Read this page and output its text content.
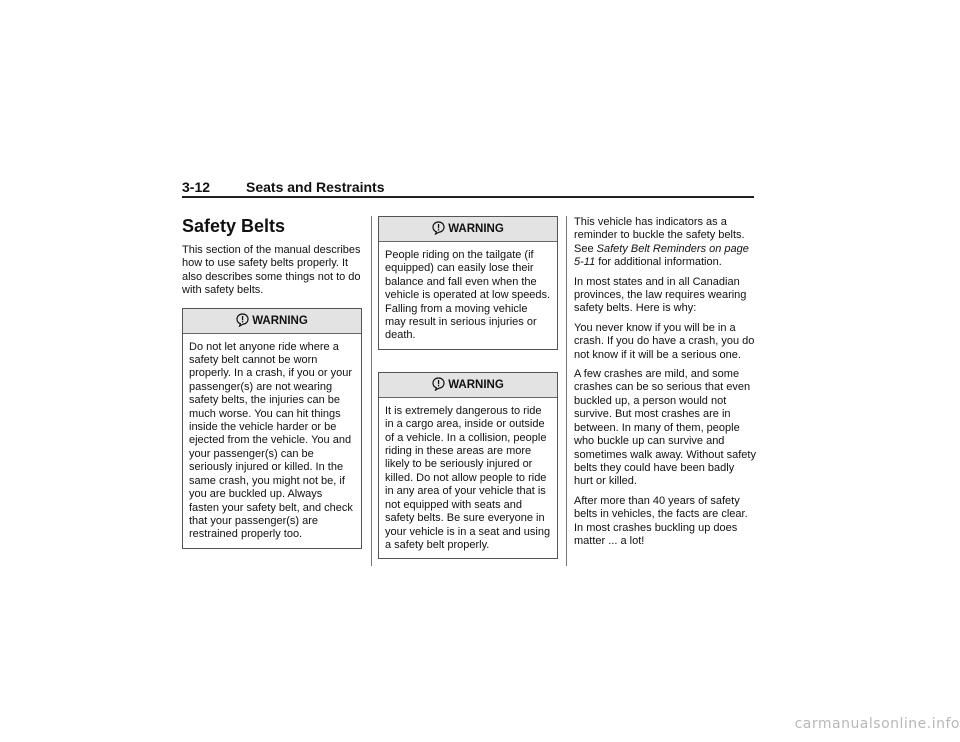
3-12	Seats and Restraints
Safety Belts

This section of the manual describes how to use safety belts properly. It also describes some things not to do with safety belts.

WARNING
Do not let anyone ride where a safety belt cannot be worn properly. In a crash, if you or your passenger(s) are not wearing safety belts, the injuries can be much worse. You can hit things inside the vehicle harder or be ejected from the vehicle. You and your passenger(s) can be seriously injured or killed. In the same crash, you might not be, if you are buckled up. Always fasten your safety belt, and check that your passenger(s) are restrained properly too.
WARNING
People riding on the tailgate (if equipped) can easily lose their balance and fall even when the vehicle is operated at low speeds. Falling from a moving vehicle may result in serious injuries or death.
WARNING
It is extremely dangerous to ride in a cargo area, inside or outside of a vehicle. In a collision, people riding in these areas are more likely to be seriously injured or killed. Do not allow people to ride in any area of your vehicle that is not equipped with seats and safety belts. Be sure everyone in your vehicle is in a seat and using a safety belt properly.

This vehicle has indicators as a reminder to buckle the safety belts. See Safety Belt Reminders on page 5-11 for additional information.

In most states and in all Canadian provinces, the law requires wearing safety belts. Here is why:

You never know if you will be in a crash. If you do have a crash, you do not know if it will be a serious one.

A few crashes are mild, and some crashes can be so serious that even buckled up, a person would not survive. But most crashes are in between. In many of them, people who buckle up can survive and sometimes walk away. Without safety belts they could have been badly hurt or killed.

After more than 40 years of safety belts in vehicles, the facts are clear. In most crashes buckling up does matter ... a lot!

carmanualsonline.info
